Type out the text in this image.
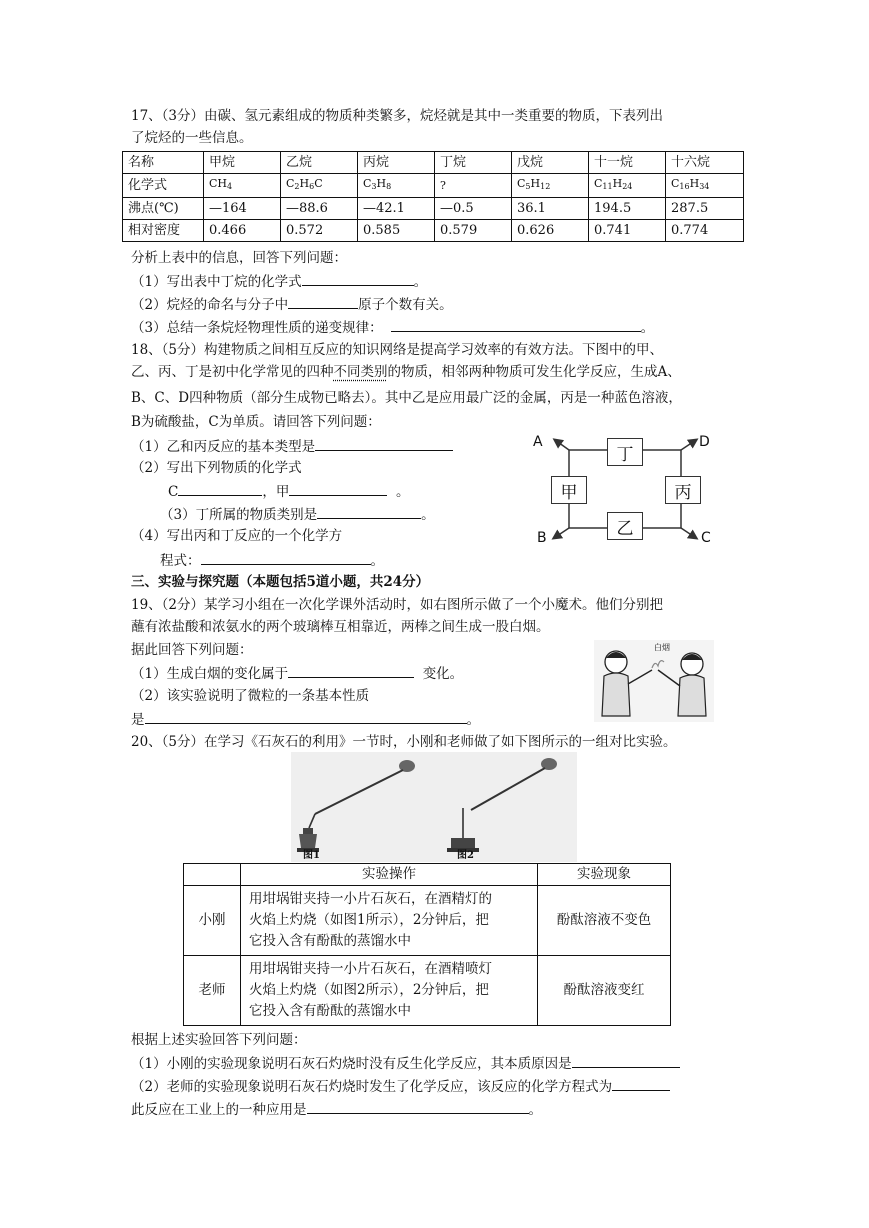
17、（3分）由碳、氢元素组成的物质种类繁多，烷烃就是其中一类重要的物质，下表列出
了烷烃的一些信息。
名称	甲烷	乙烷	丙烷	丁烷	戊烷	十一烷	十六烷
化学式	$CH_4$	$C_2H_6C$	$C_3H_8$	?	$C_5H_{12}$	$C_{11}H_{24}$	$C_{16}H_{34}$
沸点(℃)	—164	—88.6	—42.1	—0.5	36.1	194.5	287.5
相对密度	0.466	0.572	0.585	0.579	0.626	0.741	0.774
分析上表中的信息，回答下列问题：
（1）写出表中丁烷的化学式	。
（2）烷烃的命名与分子中	原子个数有关。
（3）总结一条烷烃物理性质的递变规律：	。
18、（5分）构建物质之间相互反应的知识网络是提高学习效率的有效方法。下图中的甲、
乙、丙、丁是初中化学常见的四种不同类别的物质，相邻两种物质可发生化学反应，生成A、
B、C、D四种物质（部分生成物已略去）。其中乙是应用最广泛的金属，丙是一种蓝色溶液，
B为硫酸盐，C为单质。请回答下列问题：
（1）乙和丙反应的基本类型是
（2）写出下列物质的化学式
C	，甲	。
（3）丁所属的物质类别是	。
（4）写出丙和丁反应的一个化学方
程式：	。
丁
甲	丙
乙
A	D
B	C
三、实验与探究题（本题包括5道小题，共24分）
19、（2分）某学习小组在一次化学课外活动时，如右图所示做了一个小魔术。他们分别把
蘸有浓盐酸和浓氨水的两个玻璃棒互相靠近，两棒之间生成一股白烟。
据此回答下列问题：
（1）生成白烟的变化属于	变化。
（2）该实验说明了微粒的一条基本性质
是	。
白烟
20、（5分）在学习《石灰石的利用》一节时，小刚和老师做了如下图所示的一组对比实验。
图1	图2
	实验操作	实验现象
小刚	用坩埚钳夹持一小片石灰石，在酒精灯的
火焰上灼烧（如图1所示），2分钟后，把
它投入含有酚酞的蒸馏水中	酚酞溶液不变色
老师	用坩埚钳夹持一小片石灰石，在酒精喷灯
火焰上灼烧（如图2所示），2分钟后，把
它投入含有酚酞的蒸馏水中	酚酞溶液变红
根据上述实验回答下列问题：
（1）小刚的实验现象说明石灰石灼烧时没有反生化学反应，其本质原因是
（2）老师的实验现象说明石灰石灼烧时发生了化学反应，该反应的化学方程式为
此反应在工业上的一种应用是	。
